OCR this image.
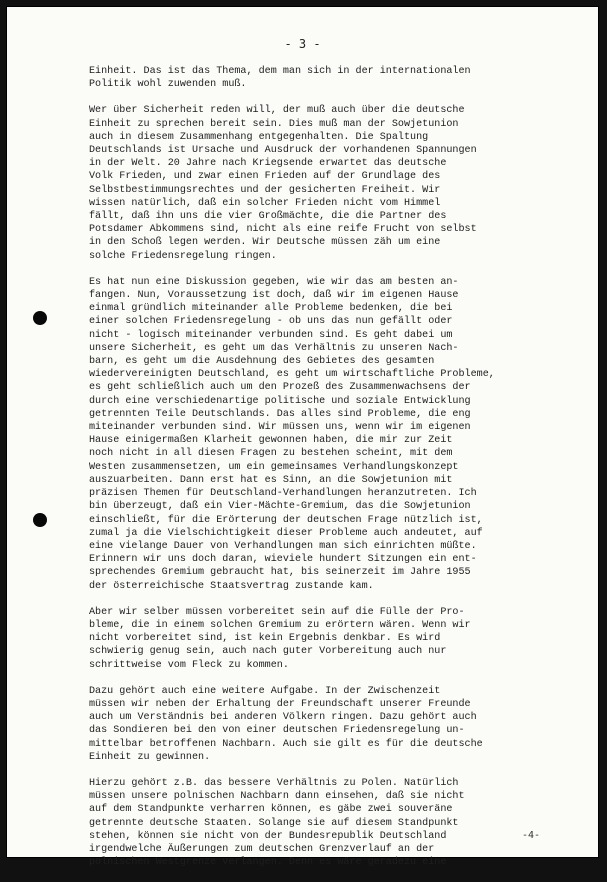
- 3 -
Einheit. Das ist das Thema, dem man sich in der internationalen
Politik wohl zuwenden muß.
Wer über Sicherheit reden will, der muß auch über die deutsche
Einheit zu sprechen bereit sein. Dies muß man der Sowjetunion
auch in diesem Zusammenhang entgegenhalten. Die Spaltung
Deutschlands ist Ursache und Ausdruck der vorhandenen Spannungen
in der Welt. 20 Jahre nach Kriegsende erwartet das deutsche
Volk Frieden, und zwar einen Frieden auf der Grundlage des
Selbstbestimmungsrechtes und der gesicherten Freiheit. Wir
wissen natürlich, daß ein solcher Frieden nicht vom Himmel
fällt, daß ihn uns die vier Großmächte, die die Partner des
Potsdamer Abkommens sind, nicht als eine reife Frucht von selbst
in den Schoß legen werden. Wir Deutsche müssen zäh um eine
solche Friedensregelung ringen.
Es hat nun eine Diskussion gegeben, wie wir das am besten an-
fangen. Nun, Voraussetzung ist doch, daß wir im eigenen Hause
einmal gründlich miteinander alle Probleme bedenken, die bei
einer solchen Friedensregelung - ob uns das nun gefällt oder
nicht - logisch miteinander verbunden sind. Es geht dabei um
unsere Sicherheit, es geht um das Verhältnis zu unseren Nach-
barn, es geht um die Ausdehnung des Gebietes des gesamten
wiedervereinigten Deutschland, es geht um wirtschaftliche Probleme,
es geht schließlich auch um den Prozeß des Zusammenwachsens der
durch eine verschiedenartige politische und soziale Entwicklung
getrennten Teile Deutschlands. Das alles sind Probleme, die eng
miteinander verbunden sind. Wir müssen uns, wenn wir im eigenen
Hause einigermaßen Klarheit gewonnen haben, die mir zur Zeit
noch nicht in all diesen Fragen zu bestehen scheint, mit dem
Westen zusammensetzen, um ein gemeinsames Verhandlungskonzept
auszuarbeiten. Dann erst hat es Sinn, an die Sowjetunion mit
präzisen Themen für Deutschland-Verhandlungen heranzutreten. Ich
bin überzeugt, daß ein Vier-Mächte-Gremium, das die Sowjetunion
einschließt, für die Erörterung der deutschen Frage nützlich ist,
zumal ja die Vielschichtigkeit dieser Probleme auch andeutet, auf
eine vielange Dauer von Verhandlungen man sich einrichten müßte.
Erinnern wir uns doch daran, wieviele hundert Sitzungen ein ent-
sprechendes Gremium gebraucht hat, bis seinerzeit im Jahre 1955
der österreichische Staatsvertrag zustande kam.
Aber wir selber müssen vorbereitet sein auf die Fülle der Pro-
bleme, die in einem solchen Gremium zu erörtern wären. Wenn wir
nicht vorbereitet sind, ist kein Ergebnis denkbar. Es wird
schwierig genug sein, auch nach guter Vorbereitung auch nur
schrittweise vom Fleck zu kommen.
Dazu gehört auch eine weitere Aufgabe. In der Zwischenzeit
müssen wir neben der Erhaltung der Freundschaft unserer Freunde
auch um Verständnis bei anderen Völkern ringen. Dazu gehört auch
das Sondieren bei den von einer deutschen Friedensregelung un-
mittelbar betroffenen Nachbarn. Auch sie gilt es für die deutsche
Einheit zu gewinnen.
Hierzu gehört z.B. das bessere Verhältnis zu Polen. Natürlich
müssen unsere polnischen Nachbarn dann einsehen, daß sie nicht
auf dem Standpunkte verharren können, es gäbe zwei souveräne
getrennte deutsche Staaten. Solange sie auf diesem Standpunkt
stehen, können sie nicht von der Bundesrepublik Deutschland
irgendwelche Äußerungen zum deutschen Grenzverlauf an der
polnischen Westgrenze verlangen. Denn es wäre geradezu eine
-4-
